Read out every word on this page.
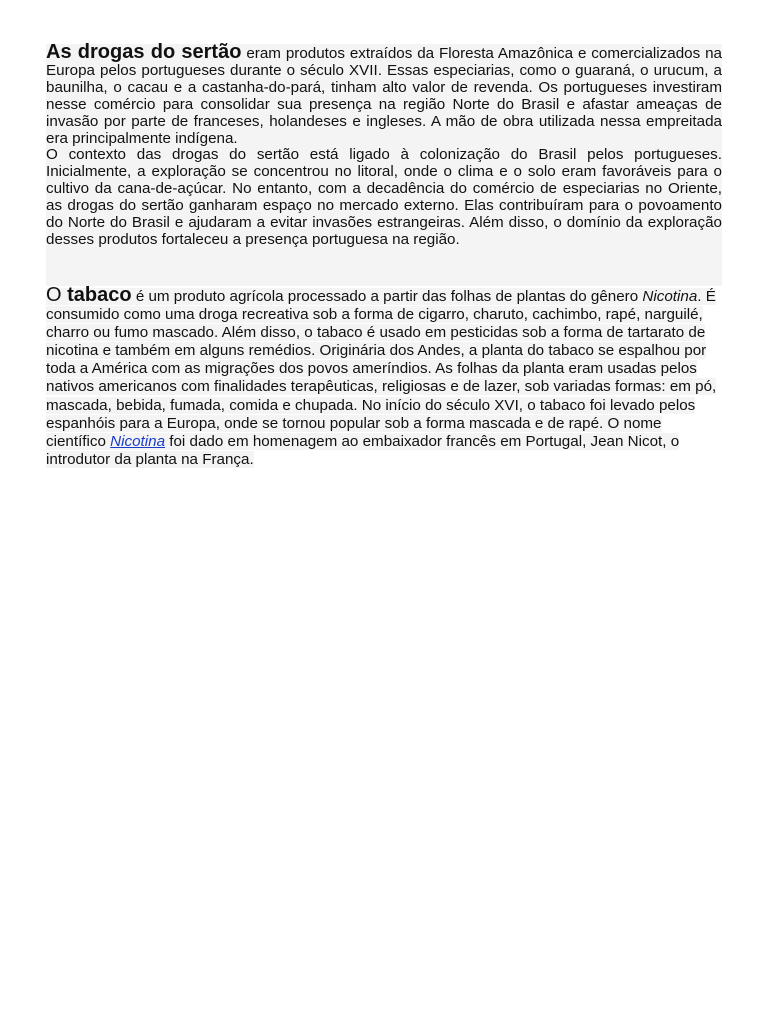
As drogas do sertão eram produtos extraídos da Floresta Amazônica e comercializados na Europa pelos portugueses durante o século XVII. Essas especiarias, como o guaraná, o urucum, a baunilha, o cacau e a castanha-do-pará, tinham alto valor de revenda. Os portugueses investiram nesse comércio para consolidar sua presença na região Norte do Brasil e afastar ameaças de invasão por parte de franceses, holandeses e ingleses. A mão de obra utilizada nessa empreitada era principalmente indígena.

O contexto das drogas do sertão está ligado à colonização do Brasil pelos portugueses. Inicialmente, a exploração se concentrou no litoral, onde o clima e o solo eram favoráveis para o cultivo da cana-de-açúcar. No entanto, com a decadência do comércio de especiarias no Oriente, as drogas do sertão ganharam espaço no mercado externo. Elas contribuíram para o povoamento do Norte do Brasil e ajudaram a evitar invasões estrangeiras. Além disso, o domínio da exploração desses produtos fortaleceu a presença portuguesa na região.

O tabaco é um produto agrícola processado a partir das folhas de plantas do gênero Nicotina. É consumido como uma droga recreativa sob a forma de cigarro, charuto, cachimbo, rapé, narguilé, charro ou fumo mascado. Além disso, o tabaco é usado em pesticidas sob a forma de tartarato de nicotina e também em alguns remédios. Originária dos Andes, a planta do tabaco se espalhou por toda a América com as migrações dos povos ameríndios. As folhas da planta eram usadas pelos nativos americanos com finalidades terapêuticas, religiosas e de lazer, sob variadas formas: em pó, mascada, bebida, fumada, comida e chupada. No início do século XVI, o tabaco foi levado pelos espanhóis para a Europa, onde se tornou popular sob a forma mascada e de rapé. O nome científico Nicotina foi dado em homenagem ao embaixador francês em Portugal, Jean Nicot, o introdutor da planta na França.
